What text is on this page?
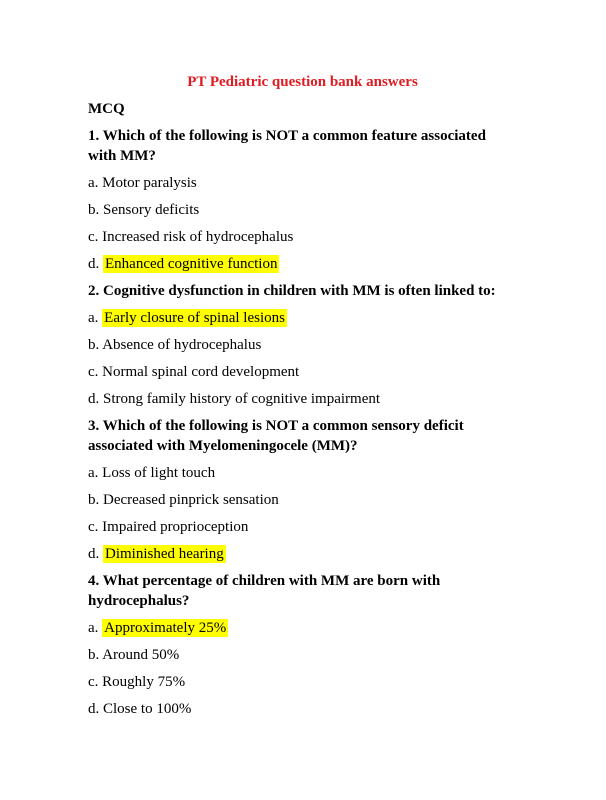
PT Pediatric question bank answers

MCQ

1. Which of the following is NOT a common feature associated with MM?

a. Motor paralysis

b. Sensory deficits

c. Increased risk of hydrocephalus

d. Enhanced cognitive function

2. Cognitive dysfunction in children with MM is often linked to:

a. Early closure of spinal lesions

b. Absence of hydrocephalus

c. Normal spinal cord development

d. Strong family history of cognitive impairment

3. Which of the following is NOT a common sensory deficit associated with Myelomeningocele (MM)?

a. Loss of light touch

b. Decreased pinprick sensation

c. Impaired proprioception

d. Diminished hearing

4. What percentage of children with MM are born with hydrocephalus?

a. Approximately 25%

b. Around 50%

c. Roughly 75%

d. Close to 100%
